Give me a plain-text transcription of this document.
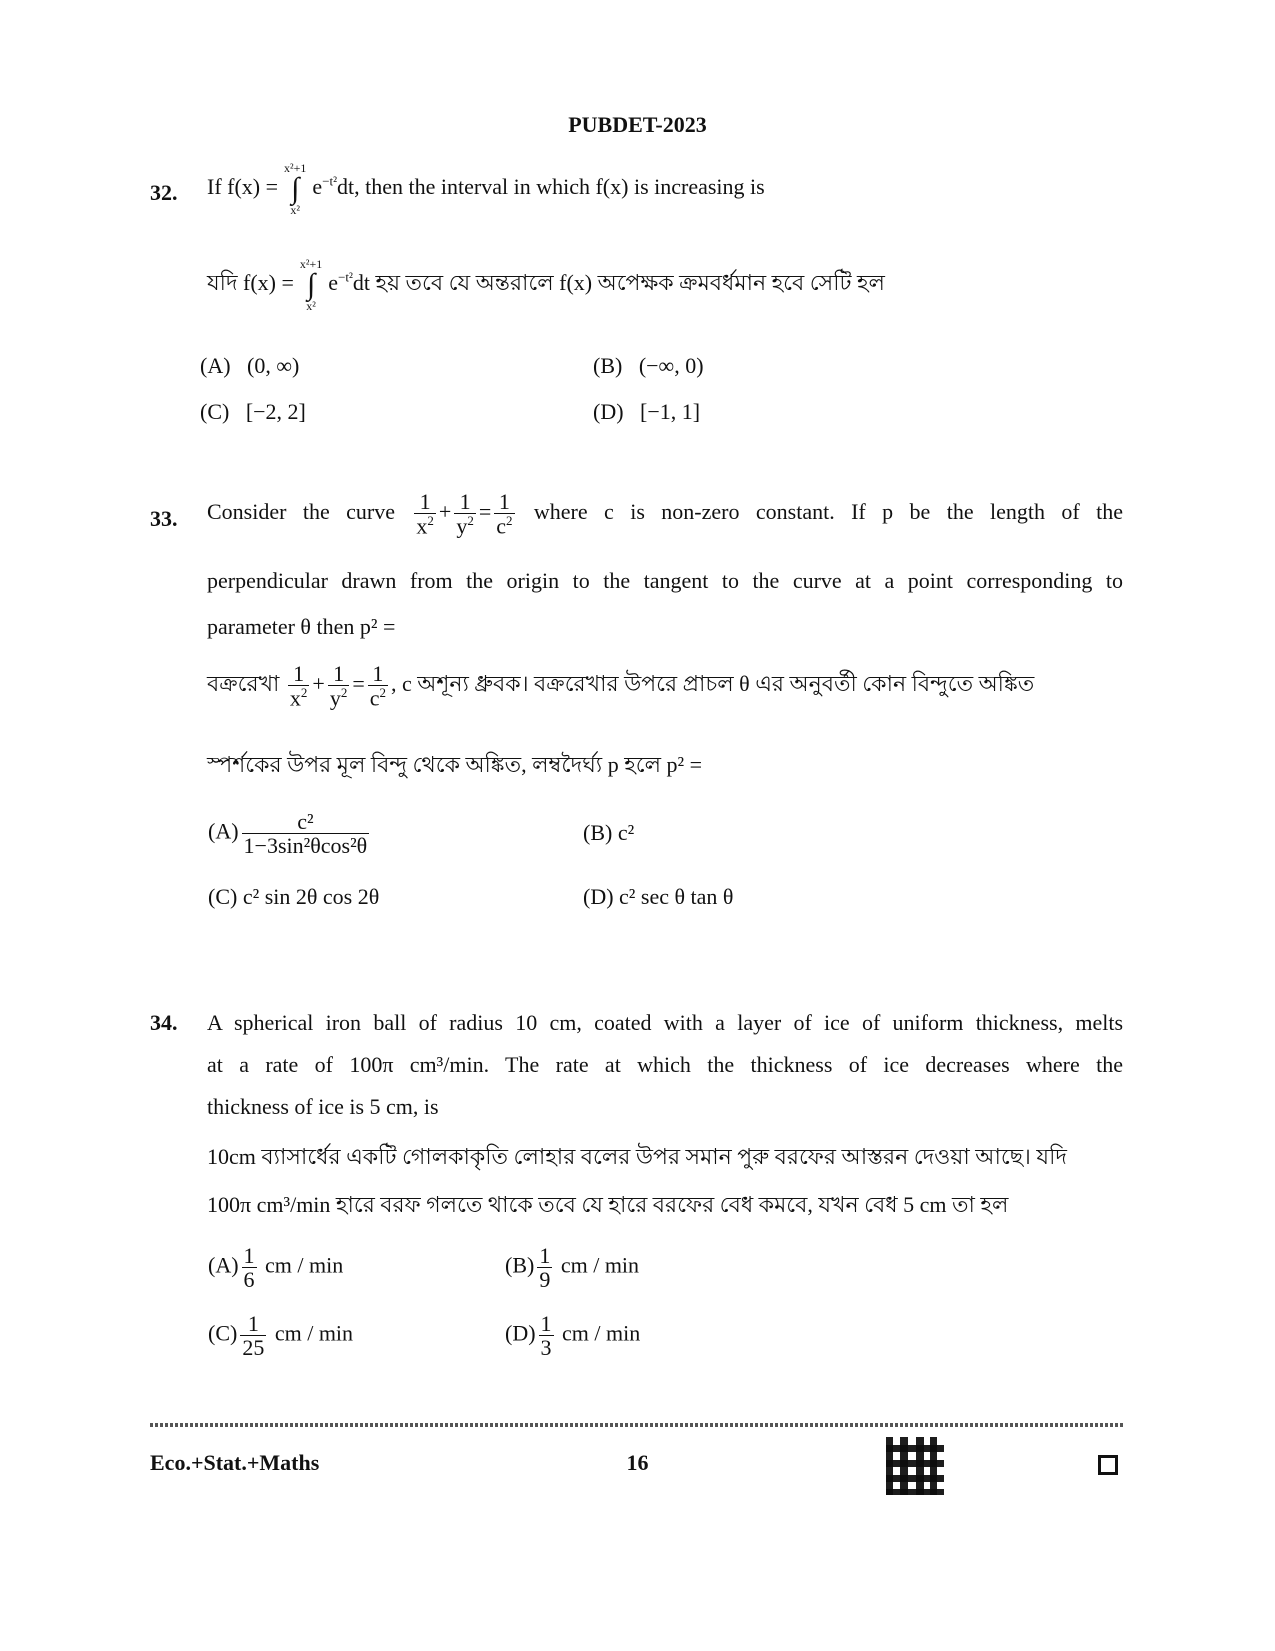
PUBDET-2023
32. If f(x) =
x²+1
∫
x²
$e^{-t^2}dt$, then the interval in which f(x) is increasing is
যদি f(x) =
x²+1
∫
x²
$e^{-t^2}dt$ হয় তবে যে অন্তরালে f(x) অপেক্ষক ক্রমবর্ধমান হবে সেটি হল
(A) (0, ∞)	(B) (−∞, 0)
(C) [−2, 2]	(D) [−1, 1]
33. Consider the curve $\frac{1}{x^2} + \frac{1}{y^2} = \frac{1}{c^2}$ where c is non-zero constant. If p be the length of the
perpendicular drawn from the origin to the tangent to the curve at a point corresponding to
parameter θ then p² =
বক্ররেখা $\frac{1}{x^2} + \frac{1}{y^2} = \frac{1}{c^2}$ , c অশূন্য ধ্রুবক। বক্ররেখার উপরে প্রাচল θ এর অনুবর্তী কোন বিন্দুতে অঙ্কিত
স্পর্শকের উপর মূল বিন্দু থেকে অঙ্কিত, লম্বদৈর্ঘ্য p হলে p² =
$(A) \frac{\text{c²}}{\text{1−3sin²θcos²θ}}$	(B) c²
(C) c² sin 2θ cos 2θ	(D) c² sec θ tan θ
34. A spherical iron ball of radius 10 cm, coated with a layer of ice of uniform thickness, melts
at a rate of 100π cm³/min. The rate at which the thickness of ice decreases where the
thickness of ice is 5 cm, is
10cm ব্যাসার্ধের একটি গোলকাকৃতি লোহার বলের উপর সমান পুরু বরফের আস্তরন দেওয়া আছে। যদি
100π cm³/min হারে বরফ গলতে থাকে তবে যে হারে বরফের বেধ কমবে, যখন বেধ 5 cm তা হল
$(A) \frac{1}{6}$ cm / min	$(B) \frac{1}{9}$ cm / min
$(C) \frac{1}{25}$ cm / min	$(D) \frac{1}{3}$ cm / min
Eco.+Stat.+Maths	16
